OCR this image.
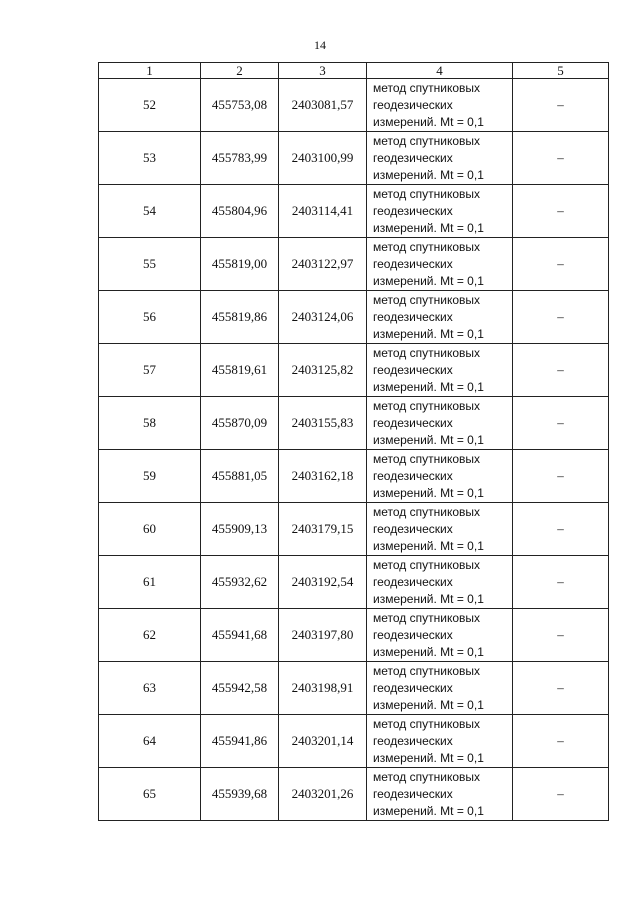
14
1	2	3	4	5
52	455753,08	2403081,57	метод спутниковых геодезических измерений. Mt = 0,1	–
53	455783,99	2403100,99	метод спутниковых геодезических измерений. Mt = 0,1	–
54	455804,96	2403114,41	метод спутниковых геодезических измерений. Mt = 0,1	–
55	455819,00	2403122,97	метод спутниковых геодезических измерений. Mt = 0,1	–
56	455819,86	2403124,06	метод спутниковых геодезических измерений. Mt = 0,1	–
57	455819,61	2403125,82	метод спутниковых геодезических измерений. Mt = 0,1	–
58	455870,09	2403155,83	метод спутниковых геодезических измерений. Mt = 0,1	–
59	455881,05	2403162,18	метод спутниковых геодезических измерений. Mt = 0,1	–
60	455909,13	2403179,15	метод спутниковых геодезических измерений. Mt = 0,1	–
61	455932,62	2403192,54	метод спутниковых геодезических измерений. Mt = 0,1	–
62	455941,68	2403197,80	метод спутниковых геодезических измерений. Mt = 0,1	–
63	455942,58	2403198,91	метод спутниковых геодезических измерений. Mt = 0,1	–
64	455941,86	2403201,14	метод спутниковых геодезических измерений. Mt = 0,1	–
65	455939,68	2403201,26	метод спутниковых геодезических измерений. Mt = 0,1	–
